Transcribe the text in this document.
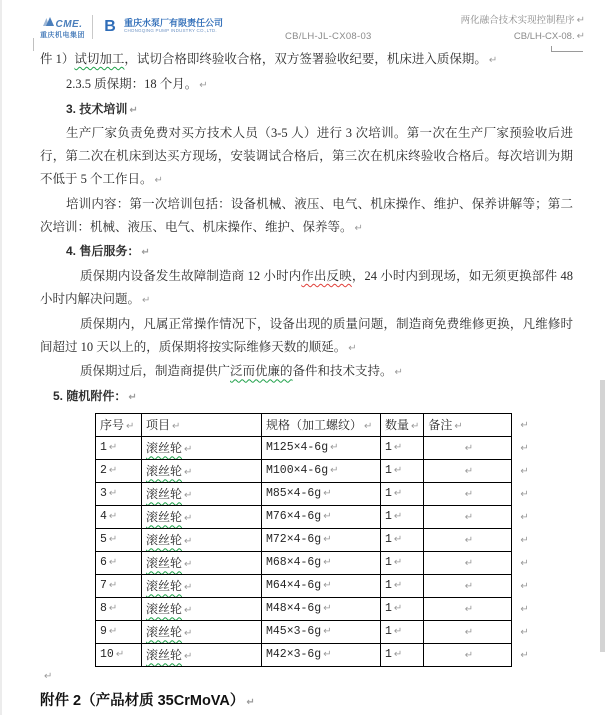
CME.
重庆机电集团
B 重庆水泵厂有限责任公司
CHONGQING PUMP INDUSTRY CO.,LTD.
CB/LH-JL-CX08-03
两化融合技术实现控制程序 ↵
CB/LH-CX-08. ↵

件 1）试切加工，试切合格即终验收合格，双方签署验收纪要，机床进入质保期。 ↵

2.3.5 质保期：18 个月。 ↵

3. 技术培训 ↵

生产厂家负责免费对买方技术人员（3-5 人）进行 3 次培训。第一次在生产厂家预验收后进行，第二次在机床到达买方现场，安装调试合格后，第三次在机床终验收合格后。每次培训为期不低于 5 个工作日。 ↵

培训内容：第一次培训包括：设备机械、液压、电气、机床操作、维护、保养讲解等；第二次培训：机械、液压、电气、机床操作、维护、保养等。 ↵

4. 售后服务： ↵

质保期内设备发生故障制造商 12 小时内作出反映，24 小时内到现场，如无须更换部件 48 小时内解决问题。 ↵

质保期内，凡属正常操作情况下，设备出现的质量问题，制造商免费维修更换，凡维修时间超过 10 天以上的，质保期将按实际维修天数的顺延。 ↵

质保期过后，制造商提供广泛而优廉的备件和技术支持。 ↵

5. 随机附件： ↵

序号 ↵	项目 ↵	规格（加工螺纹） ↵	数量 ↵	备注 ↵	↵
1 ↵	滚丝轮 ↵	M125×4-6g ↵	1 ↵	↵	↵
2 ↵	滚丝轮 ↵	M100×4-6g ↵	1 ↵	↵	↵
3 ↵	滚丝轮 ↵	M85×4-6g ↵	1 ↵	↵	↵
4 ↵	滚丝轮 ↵	M76×4-6g ↵	1 ↵	↵	↵
5 ↵	滚丝轮 ↵	M72×4-6g ↵	1 ↵	↵	↵
6 ↵	滚丝轮 ↵	M68×4-6g ↵	1 ↵	↵	↵
7 ↵	滚丝轮 ↵	M64×4-6g ↵	1 ↵	↵	↵
8 ↵	滚丝轮 ↵	M48×4-6g ↵	1 ↵	↵	↵
9 ↵	滚丝轮 ↵	M45×3-6g ↵	1 ↵	↵	↵
10 ↵	滚丝轮 ↵	M42×3-6g ↵	1 ↵	↵	↵
↵
附件 2（产品材质 35CrMoVA） ↵
